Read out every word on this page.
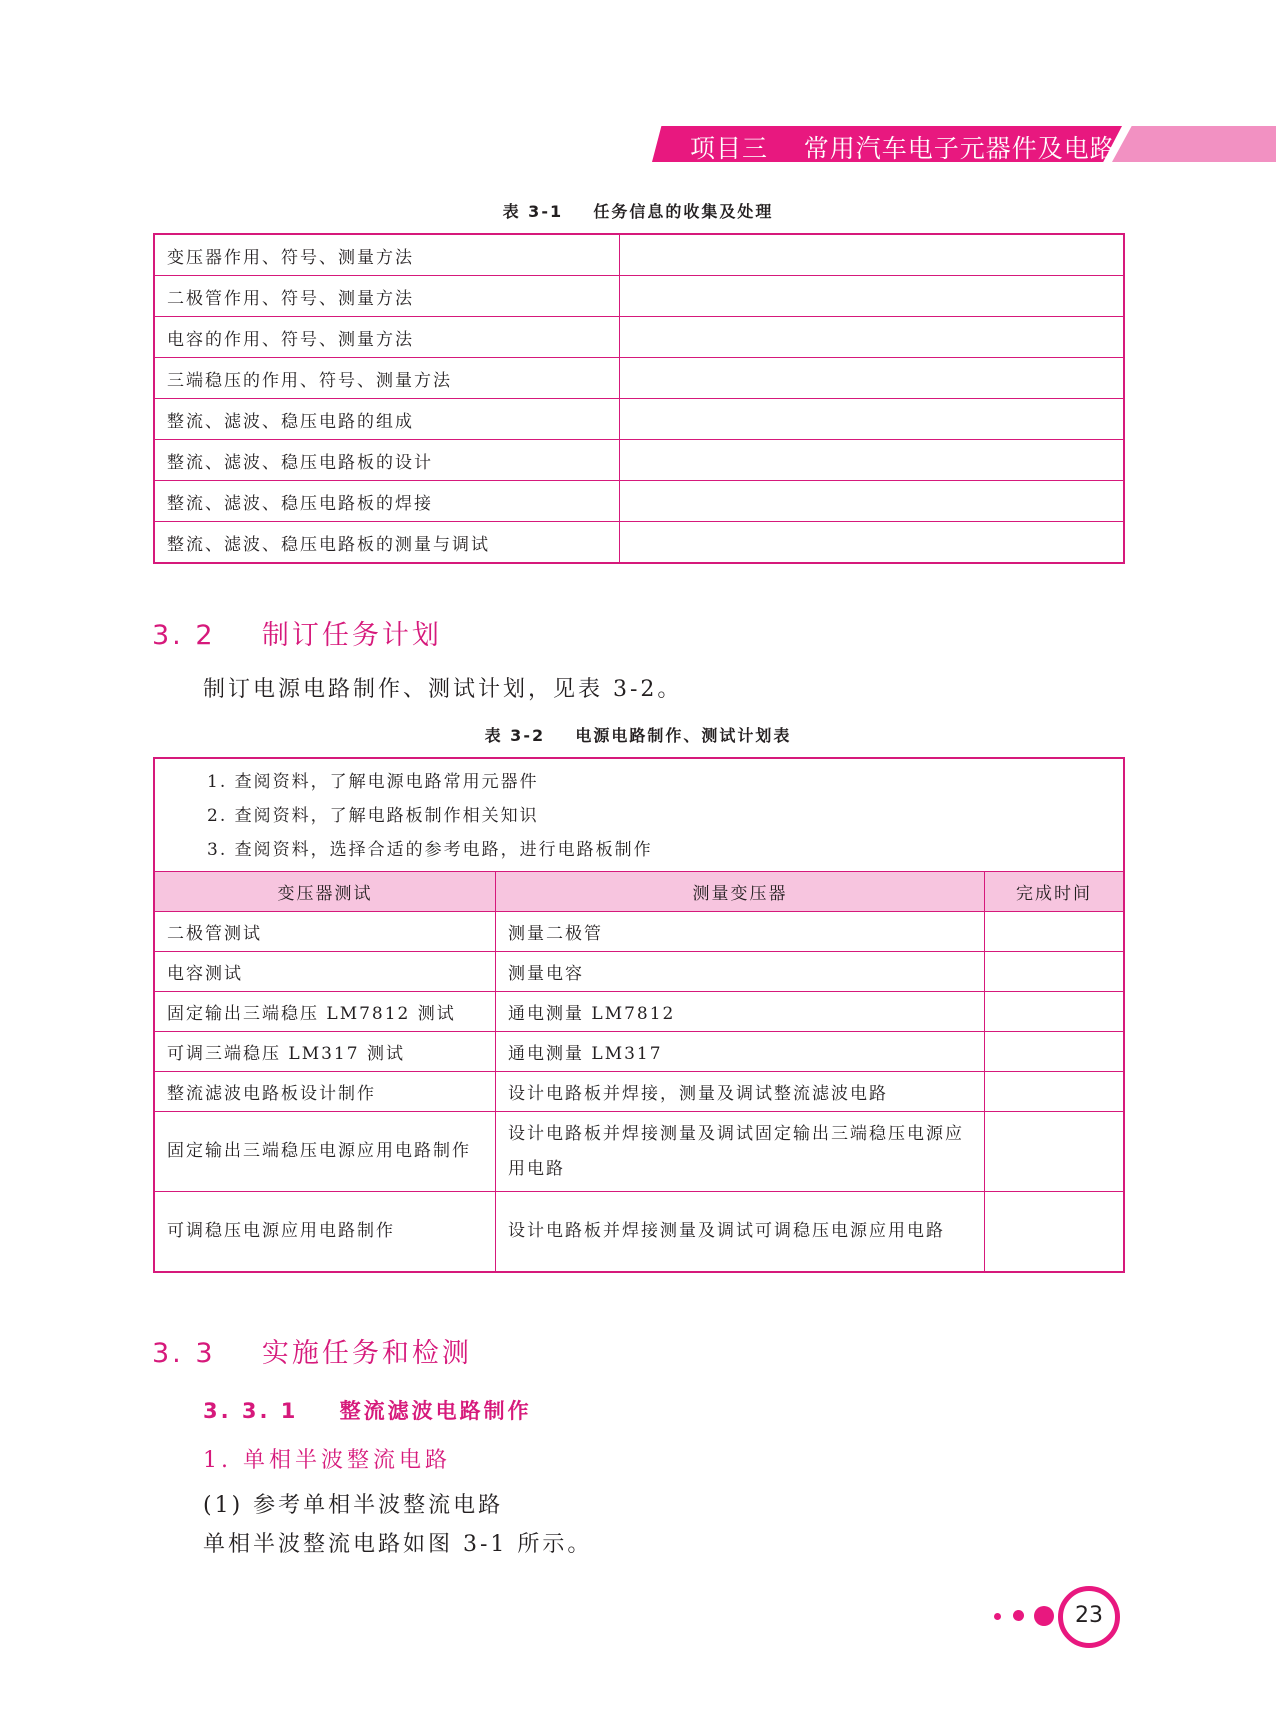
项目三    常用汽车电子元器件及电路
表 3-1    任务信息的收集及处理
变压器作用、符号、测量方法	
二极管作用、符号、测量方法	
电容的作用、符号、测量方法	
三端稳压的作用、符号、测量方法	
整流、滤波、稳压电路的组成	
整流、滤波、稳压电路板的设计	
整流、滤波、稳压电路板的焊接	
整流、滤波、稳压电路板的测量与调试	
3. 2    制订任务计划
制订电源电路制作、测试计划，见表 3-2。
表 3-2    电源电路制作、测试计划表
1. 查阅资料，了解电源电路常用元器件
2. 查阅资料，了解电路板制作相关知识
3. 查阅资料，选择合适的参考电路，进行电路板制作		

变压器测试	测量变压器	完成时间
二极管测试	测量二极管	
电容测试	测量电容	
固定输出三端稳压 LM7812 测试	通电测量 LM7812	
可调三端稳压 LM317 测试	通电测量 LM317	
整流滤波电路板设计制作	设计电路板并焊接，测量及调试整流滤波电路	
固定输出三端稳压电源应用电路制作	设计电路板并焊接测量及调试固定输出三端稳压电源应用电路	
可调稳压电源应用电路制作	设计电路板并焊接测量及调试可调稳压电源应用电路	
3. 3    实施任务和检测
3. 3. 1    整流滤波电路制作
1. 单相半波整流电路
(1) 参考单相半波整流电路
单相半波整流电路如图 3-1 所示。
23
